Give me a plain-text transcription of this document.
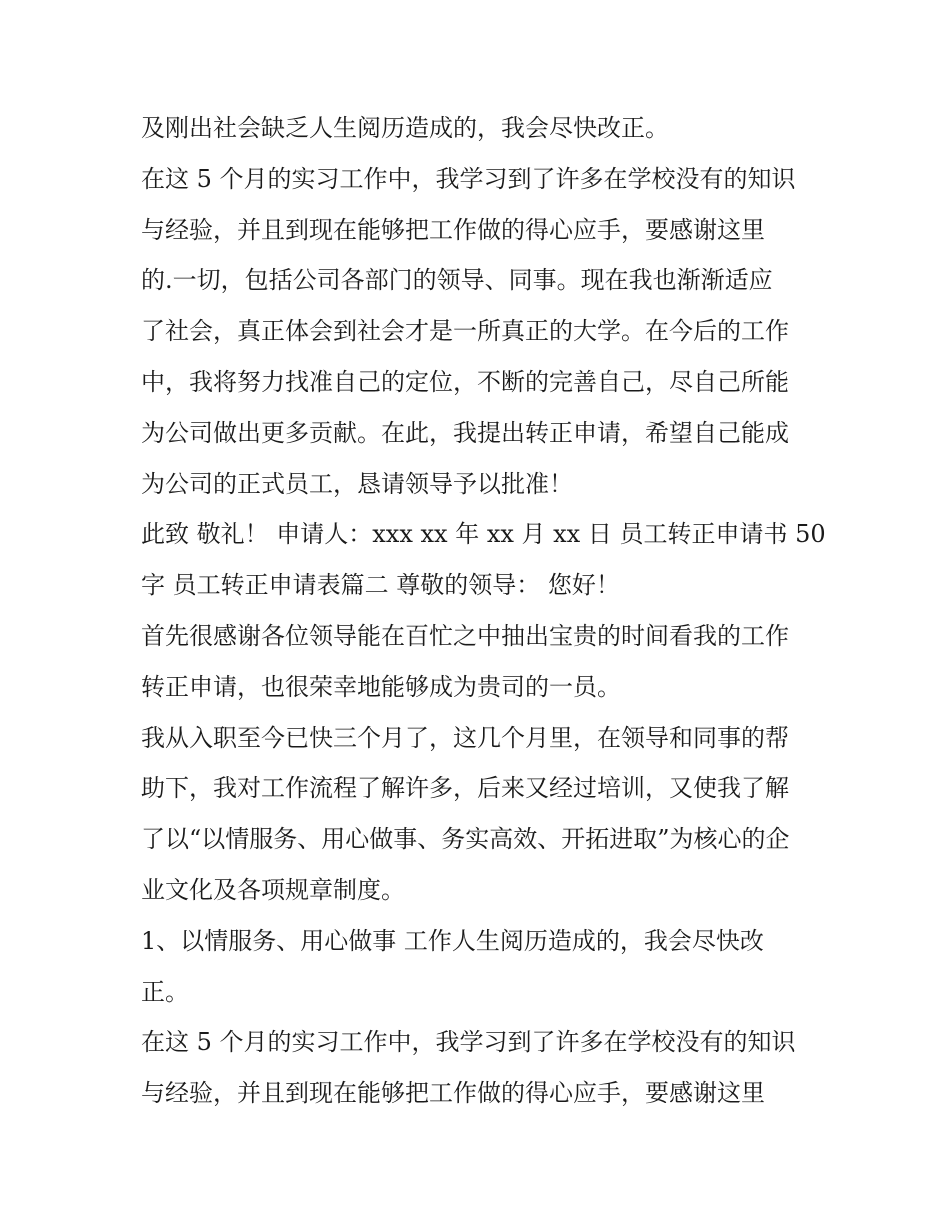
及刚出社会缺乏人生阅历造成的，我会尽快改正。
在这 5 个月的实习工作中，我学习到了许多在学校没有的知识
与经验，并且到现在能够把工作做的得心应手，要感谢这里
的.一切，包括公司各部门的领导、同事。现在我也渐渐适应
了社会，真正体会到社会才是一所真正的大学。在今后的工作
中，我将努力找准自己的定位，不断的完善自己，尽自己所能
为公司做出更多贡献。在此，我提出转正申请，希望自己能成
为公司的正式员工，恳请领导予以批准！
此致 敬礼！ 申请人：xxx xx 年 xx 月 xx 日 员工转正申请书 50
字 员工转正申请表篇二 尊敬的领导： 您好！
首先很感谢各位领导能在百忙之中抽出宝贵的时间看我的工作
转正申请，也很荣幸地能够成为贵司的一员。
我从入职至今已快三个月了，这几个月里，在领导和同事的帮
助下，我对工作流程了解许多，后来又经过培训，又使我了解
了以“以情服务、用心做事、务实高效、开拓进取”为核心的企
业文化及各项规章制度。
1、以情服务、用心做事 工作人生阅历造成的，我会尽快改
正。
在这 5 个月的实习工作中，我学习到了许多在学校没有的知识
与经验，并且到现在能够把工作做的得心应手，要感谢这里
